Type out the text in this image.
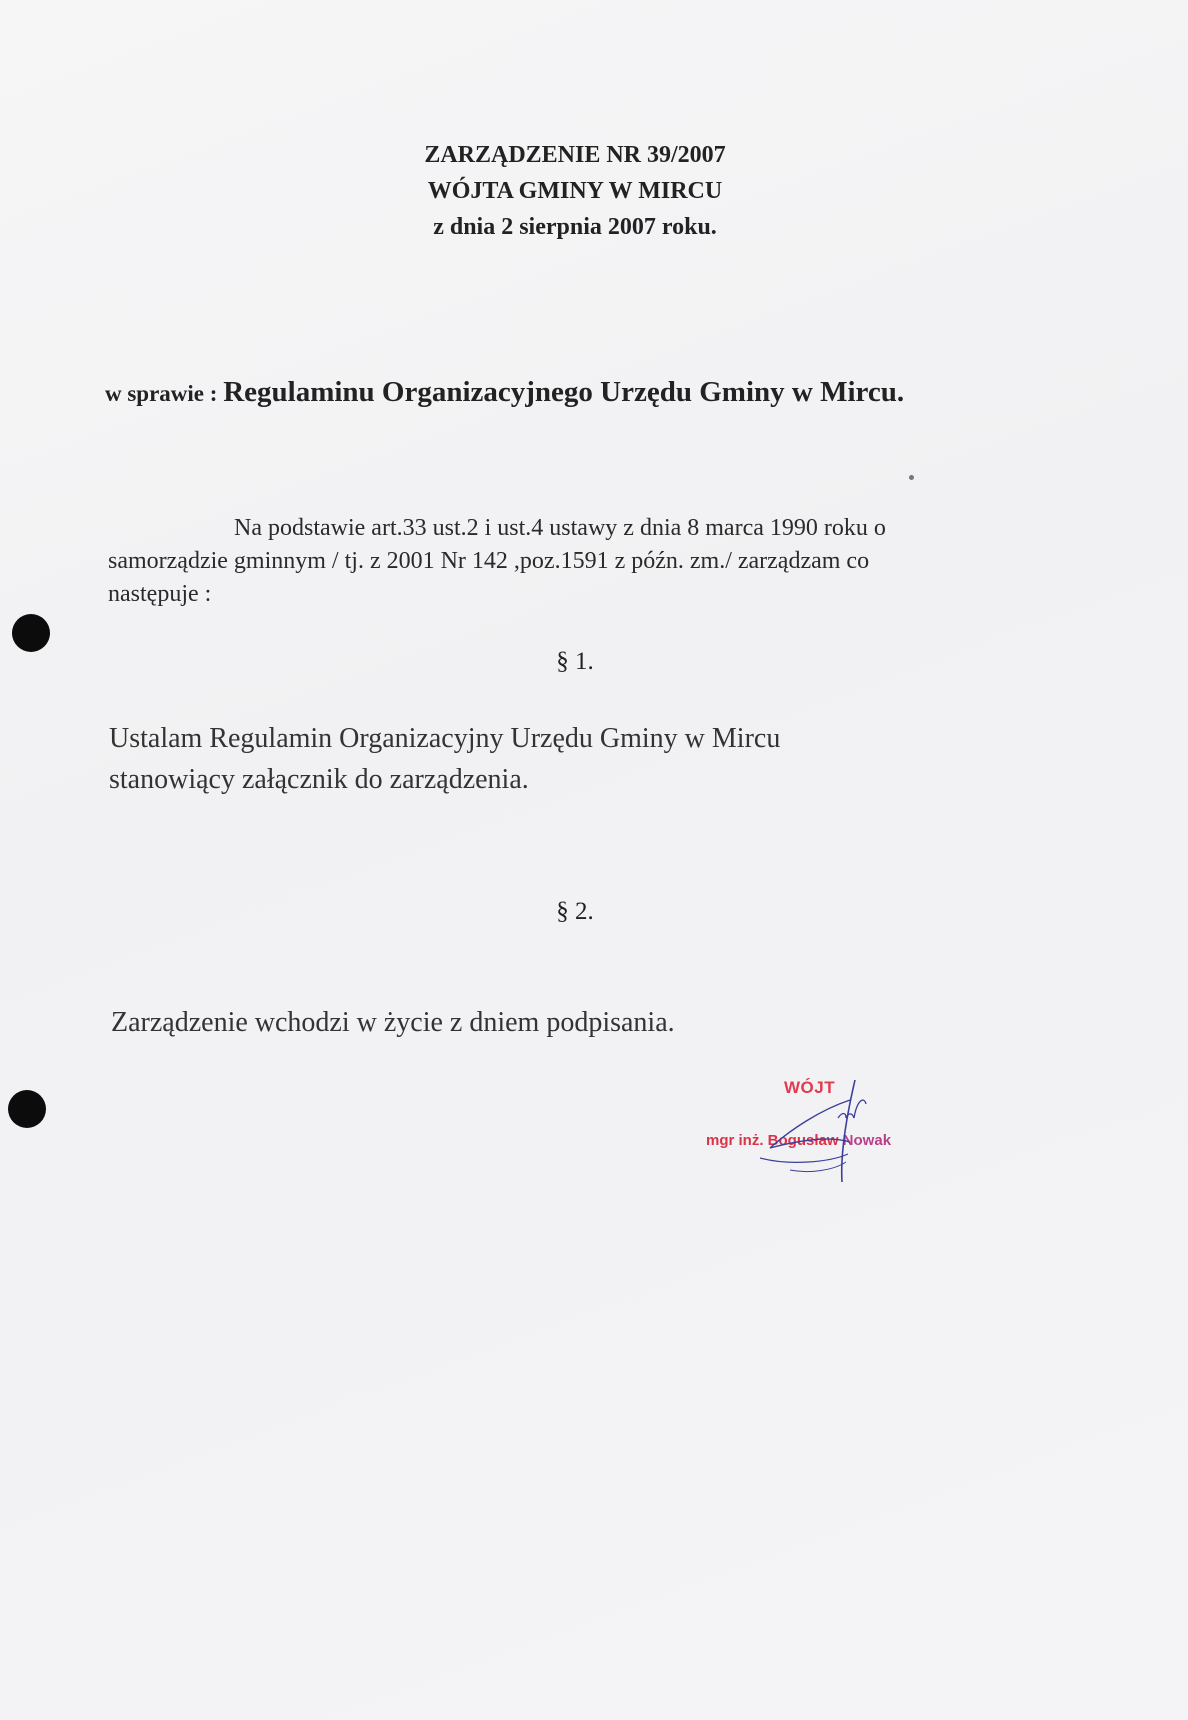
ZARZĄDZENIE NR 39/2007
WÓJTA GMINY W MIRCU
z dnia 2 sierpnia 2007 roku.
w sprawie : Regulaminu Organizacyjnego Urzędu Gminy w Mircu.
Na podstawie art.33 ust.2 i ust.4 ustawy z dnia 8 marca 1990 roku o
samorządzie gminnym / tj. z 2001 Nr 142 ,poz.1591 z późn. zm./ zarządzam co
następuje :
§ 1.
Ustalam Regulamin Organizacyjny Urzędu Gminy w Mircu
stanowiący załącznik do zarządzenia.
§ 2.
Zarządzenie wchodzi w życie z dniem podpisania.
WÓJT
mgr inż. Bogusław Nowak
